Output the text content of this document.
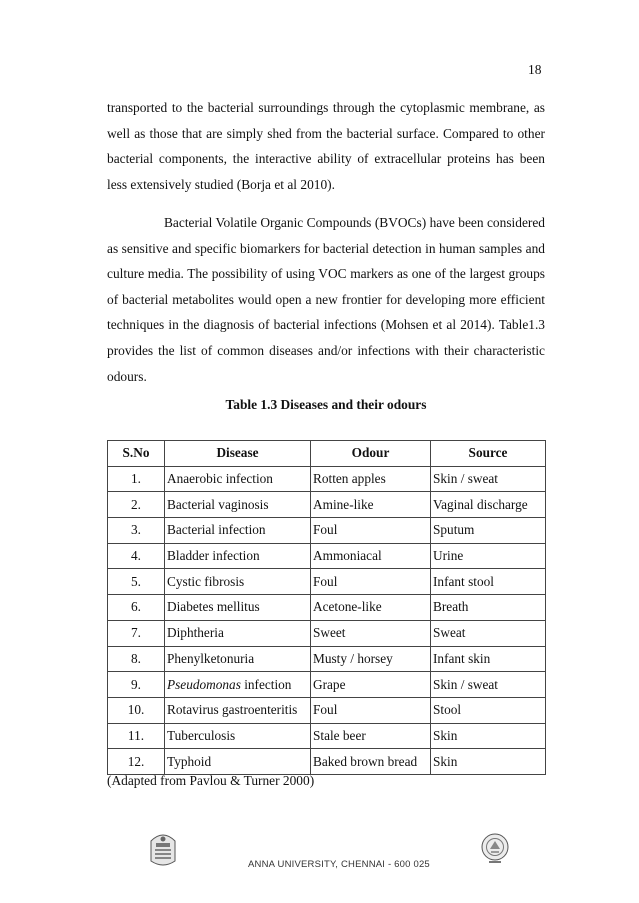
18

transported to the bacterial surroundings through the cytoplasmic membrane, as well as those that are simply shed from the bacterial surface. Compared to other bacterial components, the interactive ability of extracellular proteins has been less extensively studied (Borja et al 2010).

Bacterial Volatile Organic Compounds (BVOCs) have been considered as sensitive and specific biomarkers for bacterial detection in human samples and culture media. The possibility of using VOC markers as one of the largest groups of bacterial metabolites would open a new frontier for developing more efficient techniques in the diagnosis of bacterial infections (Mohsen et al 2014). Table1.3 provides the list of common diseases and/or infections with their characteristic odours.

Table 1.3 Diseases and their odours
S.No	Disease	Odour	Source
1.	Anaerobic infection	Rotten apples	Skin / sweat
2.	Bacterial vaginosis	Amine-like	Vaginal discharge
3.	Bacterial infection	Foul	Sputum
4.	Bladder infection	Ammoniacal	Urine
5.	Cystic fibrosis	Foul	Infant stool
6.	Diabetes mellitus	Acetone-like	Breath
7.	Diphtheria	Sweet	Sweat
8.	Phenylketonuria	Musty / horsey	Infant skin
9.	Pseudomonas infection	Grape	Skin / sweat
10.	Rotavirus gastroenteritis	Foul	Stool
11.	Tuberculosis	Stale beer	Skin
12.	Typhoid	Baked brown bread	Skin
(Adapted from Pavlou & Turner 2000)
ANNA UNIVERSITY, CHENNAI - 600 025
